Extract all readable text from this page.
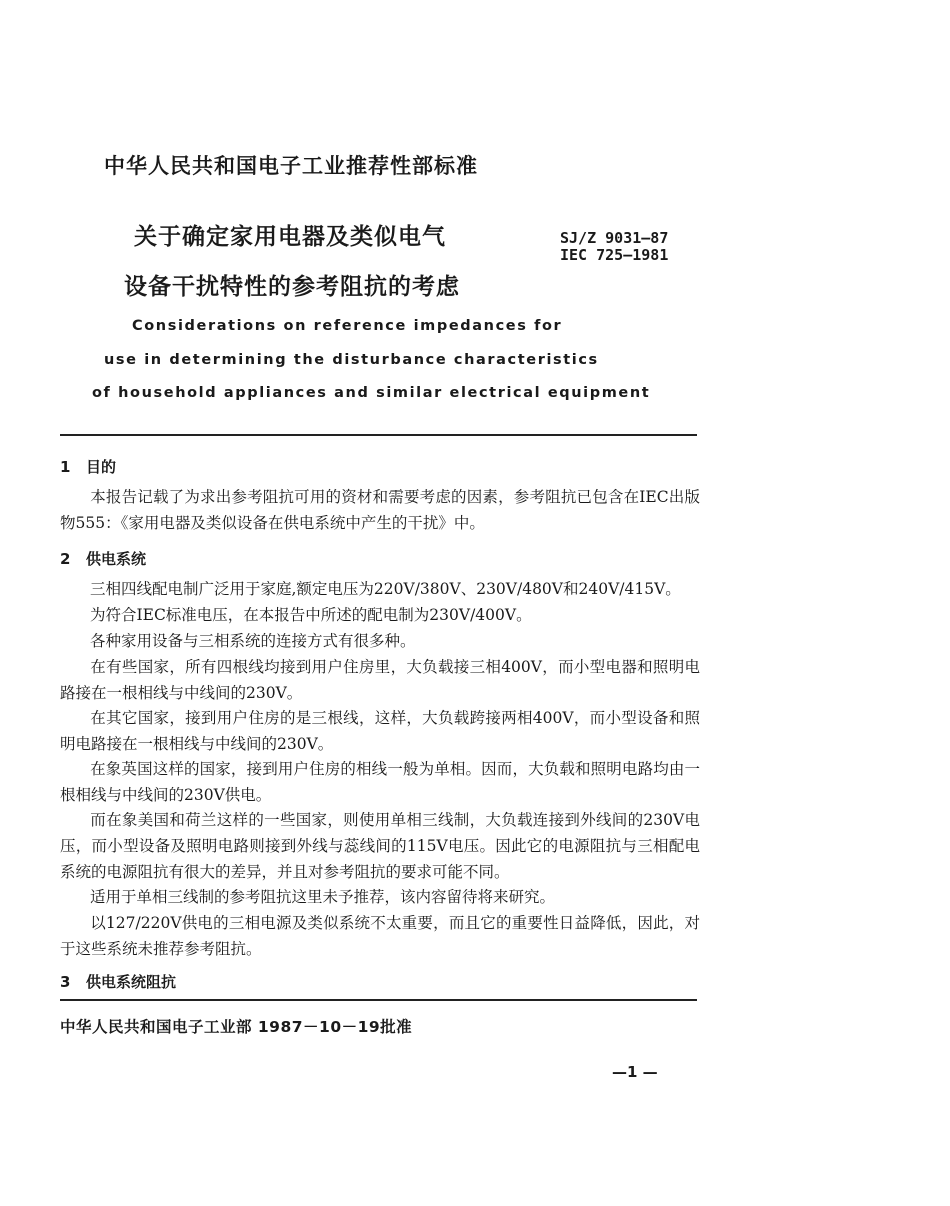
中华人民共和国电子工业推荐性部标准
关于确定家用电器及类似电气
设备干扰特性的参考阻抗的考虑
SJ/Z 9031—87
IEC 725—1981
Considerations on reference impedances for
use in determining the disturbance characteristics
of household appliances and similar electrical equipment
1 目的
本报告记载了为求出参考阻抗可用的资材和需要考虑的因素，参考阻抗已包含在IEC出版物555：《家用电器及类似设备在供电系统中产生的干扰》中。
2 供电系统
三相四线配电制广泛用于家庭,额定电压为220V/380V、230V/480V和240V/415V。
为符合IEC标准电压，在本报告中所述的配电制为230V/400V。
各种家用设备与三相系统的连接方式有很多种。
在有些国家，所有四根线均接到用户住房里，大负载接三相400V，而小型电器和照明电路接在一根相线与中线间的230V。
在其它国家，接到用户住房的是三根线，这样，大负载跨接两相400V，而小型设备和照明电路接在一根相线与中线间的230V。
在象英国这样的国家，接到用户住房的相线一般为单相。因而，大负载和照明电路均由一根相线与中线间的230V供电。
而在象美国和荷兰这样的一些国家，则使用单相三线制，大负载连接到外线间的230V电压，而小型设备及照明电路则接到外线与蕊线间的115V电压。因此它的电源阻抗与三相配电系统的电源阻抗有很大的差异，并且对参考阻抗的要求可能不同。
适用于单相三线制的参考阻抗这里未予推荐，该内容留待将来研究。
以127/220V供电的三相电源及类似系统不太重要，而且它的重要性日益降低，因此，对于这些系统未推荐参考阻抗。
3 供电系统阻抗
中华人民共和国电子工业部 1987－10－19批准
—1 —
